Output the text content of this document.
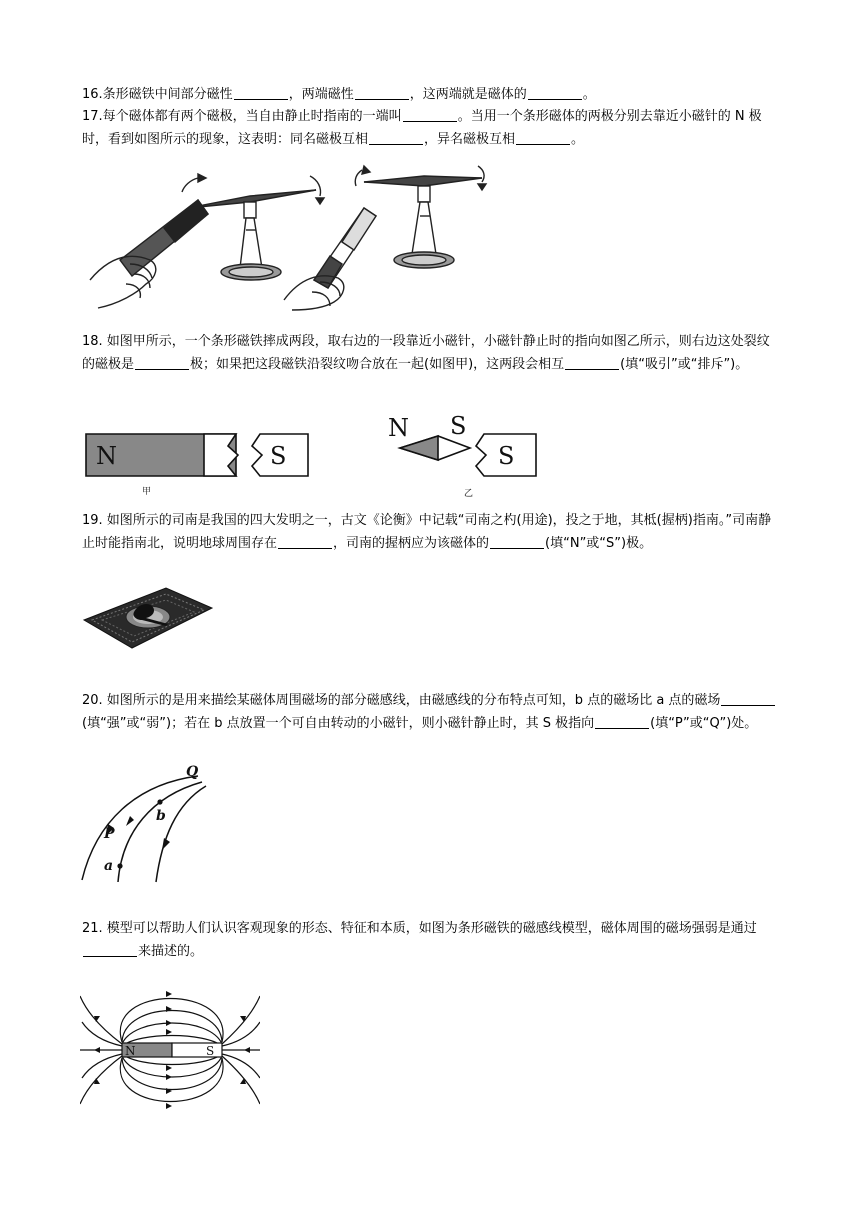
16.条形磁铁中间部分磁性	，两端磁性	，这两端就是磁体的	。

17.每个磁体都有两个磁极，当自由静止时指南的一端叫	。当用一个条形磁体的两极分别去靠近小磁针的 N 极时，看到如图所示的现象，这表明：同名磁极互相	，异名磁极互相	。

18. 如图甲所示，一个条形磁铁摔成两段，取右边的一段靠近小磁针，小磁针静止时的指向如图乙所示，则右边这处裂纹的磁极是	极；如果把这段磁铁沿裂纹吻合放在一起(如图甲)，这两段会相互	(填“吸引”或“排斥”)。

N	S
甲
N S
S
乙

19. 如图所示的司南是我国的四大发明之一，古文《论衡》中记载“司南之杓(用途)，投之于地，其柢(握柄)指南。”司南静止时能指南北，说明地球周围存在	，司南的握柄应为该磁体的	(填“N”或“S”)极。

20. 如图所示的是用来描绘某磁体周围磁场的部分磁感线，由磁感线的分布特点可知，b 点的磁场比 a 点的磁场(填“强”或“弱”)；若在 b 点放置一个可自由转动的小磁针，则小磁针静止时，其 S 极指向	(填“P”或“Q”)处。

Q
b
P
a

21. 模型可以帮助人们认识客观现象的形态、特征和本质，如图为条形磁铁的磁感线模型，磁体周围的磁场强弱是通过来描述的。

N	S
